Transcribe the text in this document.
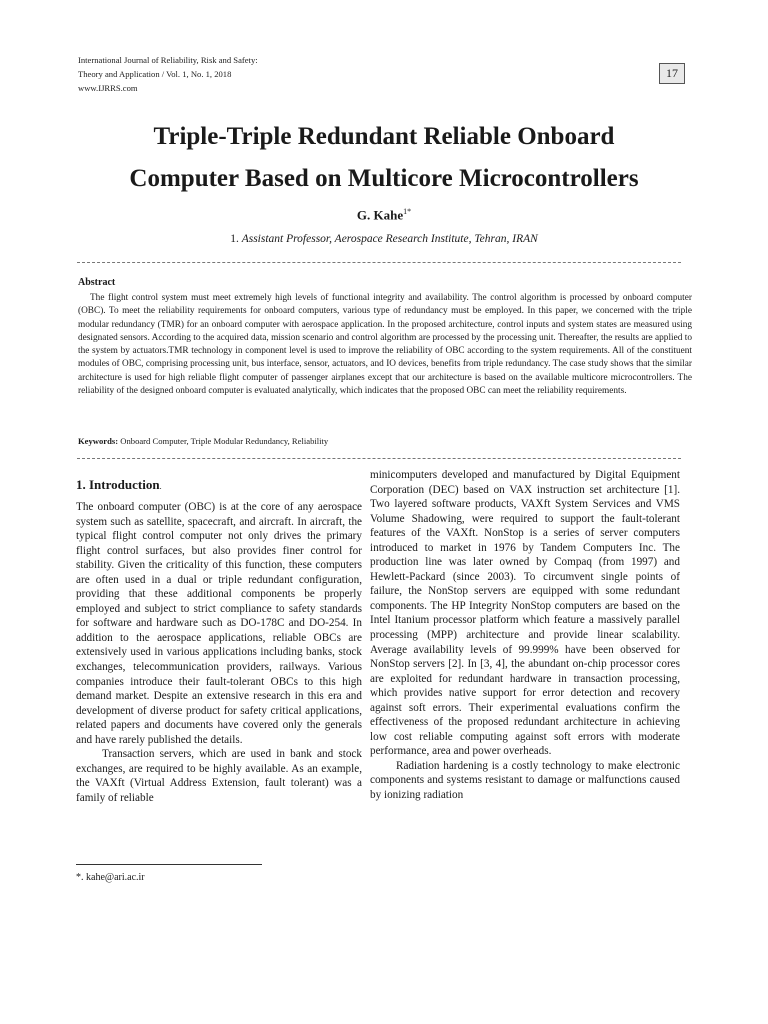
International Journal of Reliability, Risk and Safety:
Theory and Application / Vol. 1, No. 1, 2018
www.IJRRS.com
17
Triple-Triple Redundant Reliable Onboard
Computer Based on Multicore Microcontrollers
G. Kahe$^{1*}$
1. Assistant Professor, Aerospace Research Institute, Tehran, IRAN
Abstract
The flight control system must meet extremely high levels of functional integrity and availability. The control algorithm is processed by onboard computer (OBC). To meet the reliability requirements for onboard computers, various type of redundancy must be employed. In this paper, we concerned with the triple modular redundancy (TMR) for an onboard computer with aerospace application. In the proposed architecture, control inputs and system states are measured using designated sensors. According to the acquired data, mission scenario and control algorithm are processed by the processing unit. Thereafter, the results are applied to the system by actuators.TMR technology in component level is used to improve the reliability of OBC according to the system requirements. All of the constituent modules of OBC, comprising processing unit, bus interface, sensor, actuators, and IO devices, benefits from triple redundancy. The case study shows that the similar architecture is used for high reliable flight computer of passenger airplanes except that our architecture is based on the available multicore microcontrollers. The reliability of the designed onboard computer is evaluated analytically, which indicates that the proposed OBC can meet the reliability requirements.
Keywords: Onboard Computer, Triple Modular Redundancy, Reliability
1. Introduction.

The onboard computer (OBC) is at the core of any aerospace system such as satellite, spacecraft, and aircraft. In aircraft, the typical flight control computer not only drives the primary flight control surfaces, but also provides finer control for stability. Given the criticality of this function, these computers are often used in a dual or triple redundant configuration, providing that these additional components be properly employed and subject to strict compliance to safety standards for software and hardware such as DO-178C and DO-254. In addition to the aerospace applications, reliable OBCs are extensively used in various applications including banks, stock exchanges, telecommunication providers, railways. Various companies introduce their fault-tolerant OBCs to this high demand market. Despite an extensive research in this era and development of diverse product for safety critical applications, related papers and documents have covered only the generals and have rarely published the details.

Transaction servers, which are used in bank and stock exchanges, are required to be highly available. As an example, the VAXft (Virtual Address Extension, fault tolerant) was a family of reliable

minicomputers developed and manufactured by Digital Equipment Corporation (DEC) based on VAX instruction set architecture [1]. Two layered software products, VAXft System Services and VMS Volume Shadowing, were required to support the fault-tolerant features of the VAXft. NonStop is a series of server computers introduced to market in 1976 by Tandem Computers Inc. The production line was later owned by Compaq (from 1997) and Hewlett-Packard (since 2003). To circumvent single points of failure, the NonStop servers are equipped with some redundant components. The HP Integrity NonStop computers are based on the Intel Itanium processor platform which feature a massively parallel processing (MPP) architecture and provide linear scalability. Average availability levels of 99.999% have been observed for NonStop servers [2]. In [3, 4], the abundant on-chip processor cores are exploited for redundant hardware in transaction processing, which provides native support for error detection and recovery against soft errors. Their experimental evaluations confirm the effectiveness of the proposed redundant architecture in achieving low cost reliable computing against soft errors with moderate performance, area and power overheads.

Radiation hardening is a costly technology to make electronic components and systems resistant to damage or malfunctions caused by ionizing radiation

*. kahe@ari.ac.ir
